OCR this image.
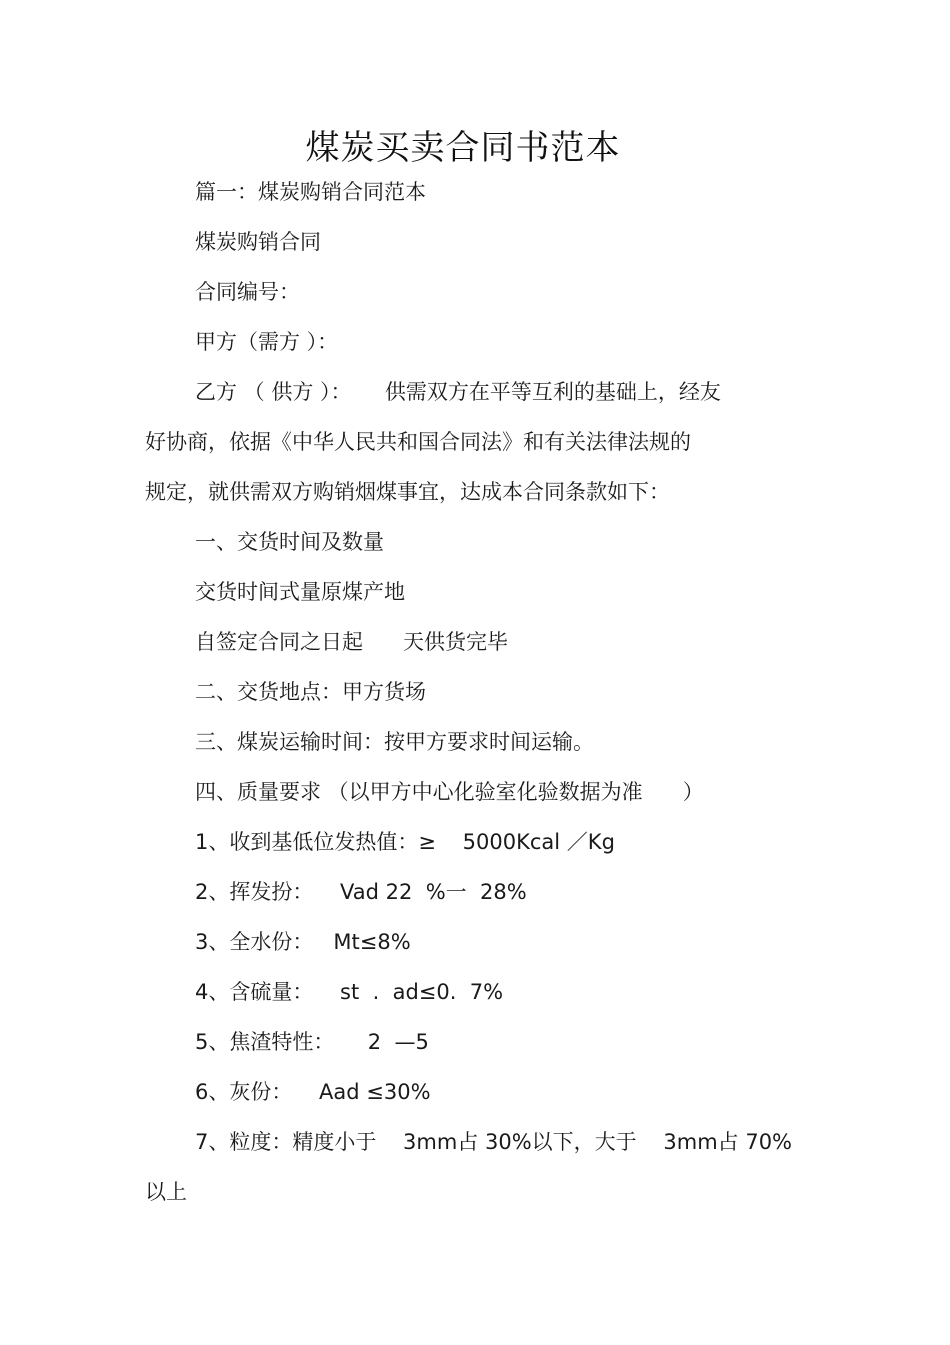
煤炭买卖合同书范本
篇一：煤炭购销合同范本
煤炭购销合同
合同编号：
甲方（需方 ）：
乙方 （ 供方 ）：     供需双方在平等互利的基础上，经友
好协商，依据《中华人民共和国合同法》和有关法律法规的
规定，就供需双方购销烟煤事宜，达成本合同条款如下：
一、交货时间及数量
交货时间式量原煤产地
自签定合同之日起      天供货完毕
二、交货地点：甲方货场
三、煤炭运输时间：按甲方要求时间运输。
四、质量要求 （以甲方中心化验室化验数据为准      ）
1、收到基低位发热值：≥    5000Kcal ／Kg
2、挥发扮：    Vad 22  %一  28%
3、全水份：   Mt≤8%
4、含硫量：    st  .  ad≤0.  7%
5、焦渣特性：     2  —5
6、灰份：    Aad ≤30%
7、粒度：精度小于    3mm占 30%以下，大于    3mm占 70%
以上
